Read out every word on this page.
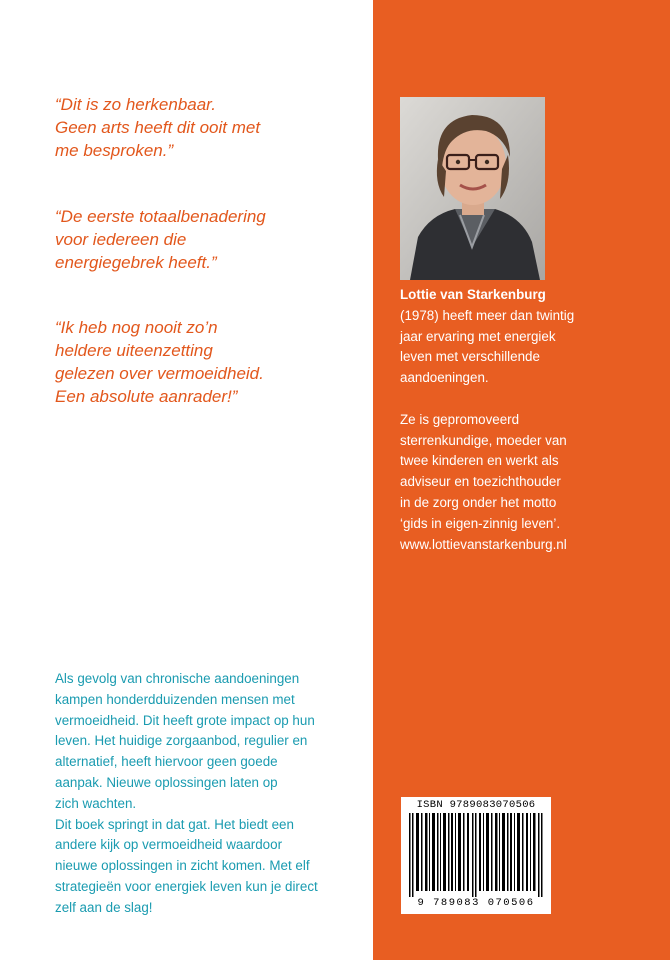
“Dit is zo herkenbaar.
Geen arts heeft dit ooit met
me besproken.”
“De eerste totaalbenadering
voor iedereen die
energiegebrek heeft.”
“Ik heb nog nooit zo’n
heldere uiteenzetting
gelezen over vermoeidheid.
Een absolute aanrader!”
Als gevolg van chronische aandoeningen
kampen honderdduizenden mensen met
vermoeidheid. Dit heeft grote impact op hun
leven. Het huidige zorgaanbod, regulier en
alternatief, heeft hiervoor geen goede
aanpak. Nieuwe oplossingen laten op
zich wachten.
Dit boek springt in dat gat. Het biedt een
andere kijk op vermoeidheid waardoor
nieuwe oplossingen in zicht komen. Met elf
strategieën voor energiek leven kun je direct
zelf aan de slag!
Lottie van Starkenburg
(1978) heeft meer dan twintig
jaar ervaring met energiek
leven met verschillende
aandoeningen.
Ze is gepromoveerd
sterrenkundige, moeder van
twee kinderen en werkt als
adviseur en toezichthouder
in de zorg onder het motto
‘gids in eigen-zinnig leven’.
www.lottievanstarkenburg.nl
ISBN 9789083070506
9 789083 070506
